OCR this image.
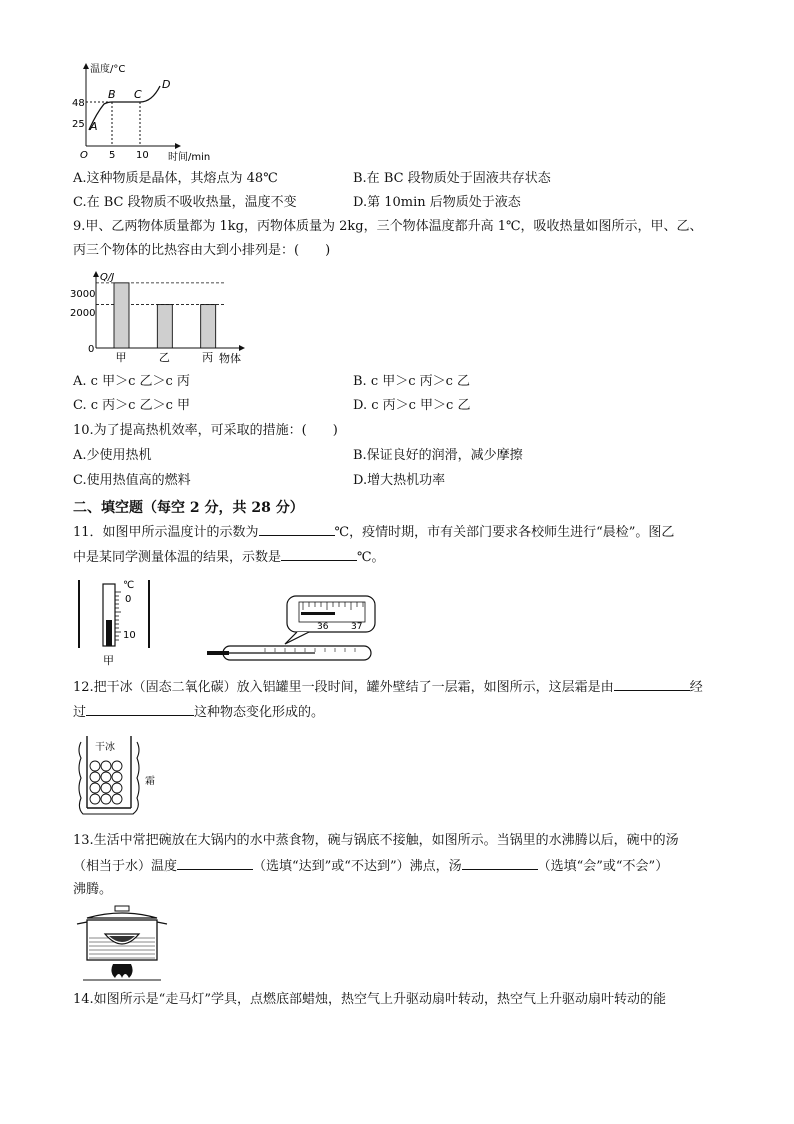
温度/°C
时间/min
48
25
5 10
O
A
B C
D
A.这种物质是晶体，其熔点为 48℃	B.在 BC 段物质处于固液共存状态
C.在 BC 段物质不吸收热量，温度不变	D.第 10min 后物质处于液态
9.甲、乙两物体质量都为 1kg，丙物体质量为 2kg，三个物体温度都升高 1℃，吸收热量如图所示，甲、乙、
丙三个物体的比热容由大到小排列是：(　　)
Q/J
物体
3000
2000
0
甲	乙	丙
A. c 甲＞c 乙＞c 丙	B. c 甲＞c 丙＞c 乙
C. c 丙＞c 乙＞c 甲	D. c 丙＞c 甲＞c 乙
10.为了提高热机效率，可采取的措施：(　　)
A.少使用热机	B.保证良好的润滑，减少摩擦
C.使用热值高的燃料	D.增大热机功率
二、填空题（每空 2 分，共 28 分）
11．如图甲所示温度计的示数为	℃，疫情时期，市有关部门要求各校师生进行“晨检”。图乙
中是某同学测量体温的结果，示数是	℃。
℃
0
10
甲
36	37
12.把干冰（固态二氧化碳）放入铝罐里一段时间，罐外壁结了一层霜，如图所示，这层霜是由	经
过	这种物态变化形成的。
干冰
霜
13.生活中常把碗放在大锅内的水中蒸食物，碗与锅底不接触，如图所示。当锅里的水沸腾以后，碗中的汤
（相当于水）温度	（选填“达到”或“不达到”）沸点，汤	（选填“会”或“不会”）
沸腾。
14.如图所示是“走马灯”学具，点燃底部蜡烛，热空气上升驱动扇叶转动，热空气上升驱动扇叶转动的能
